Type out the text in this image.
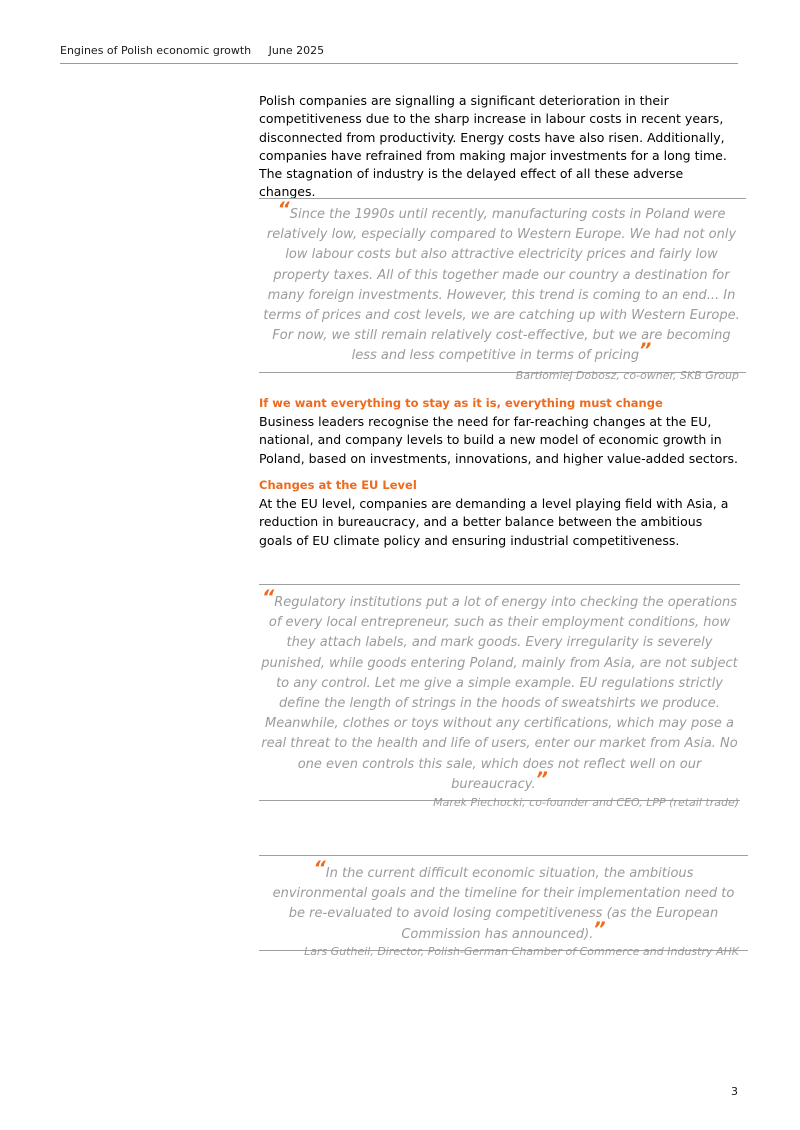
Engines of Polish economic growth June 2025

Polish companies are signalling a significant deterioration in their competitiveness due to the sharp increase in labour costs in recent years, disconnected from productivity. Energy costs have also risen. Additionally, companies have refrained from making major investments for a long time. The stagnation of industry is the delayed effect of all these adverse changes.

“Since the 1990s until recently, manufacturing costs in Poland were relatively low, especially compared to Western Europe. We had not only low labour costs but also attractive electricity prices and fairly low property taxes. All of this together made our country a destination for many foreign investments. However, this trend is coming to an end... In terms of prices and cost levels, we are catching up with Western Europe. For now, we still remain relatively cost-effective, but we are becoming less and less competitive in terms of pricing”
Bartłomiej Dobosz, co-owner, SKB Group

If we want everything to stay as it is, everything must change

Business leaders recognise the need for far-reaching changes at the EU, national, and company levels to build a new model of economic growth in Poland, based on investments, innovations, and higher value-added sectors.

Changes at the EU Level

At the EU level, companies are demanding a level playing field with Asia, a reduction in bureaucracy, and a better balance between the ambitious goals of EU climate policy and ensuring industrial competitiveness.

“Regulatory institutions put a lot of energy into checking the operations of every local entrepreneur, such as their employment conditions, how they attach labels, and mark goods. Every irregularity is severely punished, while goods entering Poland, mainly from Asia, are not subject to any control. Let me give a simple example. EU regulations strictly define the length of strings in the hoods of sweatshirts we produce. Meanwhile, clothes or toys without any certifications, which may pose a real threat to the health and life of users, enter our market from Asia. No one even controls this sale, which does not reflect well on our bureaucracy.”
Marek Piechocki, co-founder and CEO, LPP (retail trade)
“In the current difficult economic situation, the ambitious environmental goals and the timeline for their implementation need to be re-evaluated to avoid losing competitiveness (as the European Commission has announced).”
Lars Gutheil, Director, Polish-German Chamber of Commerce and Industry AHK
3
